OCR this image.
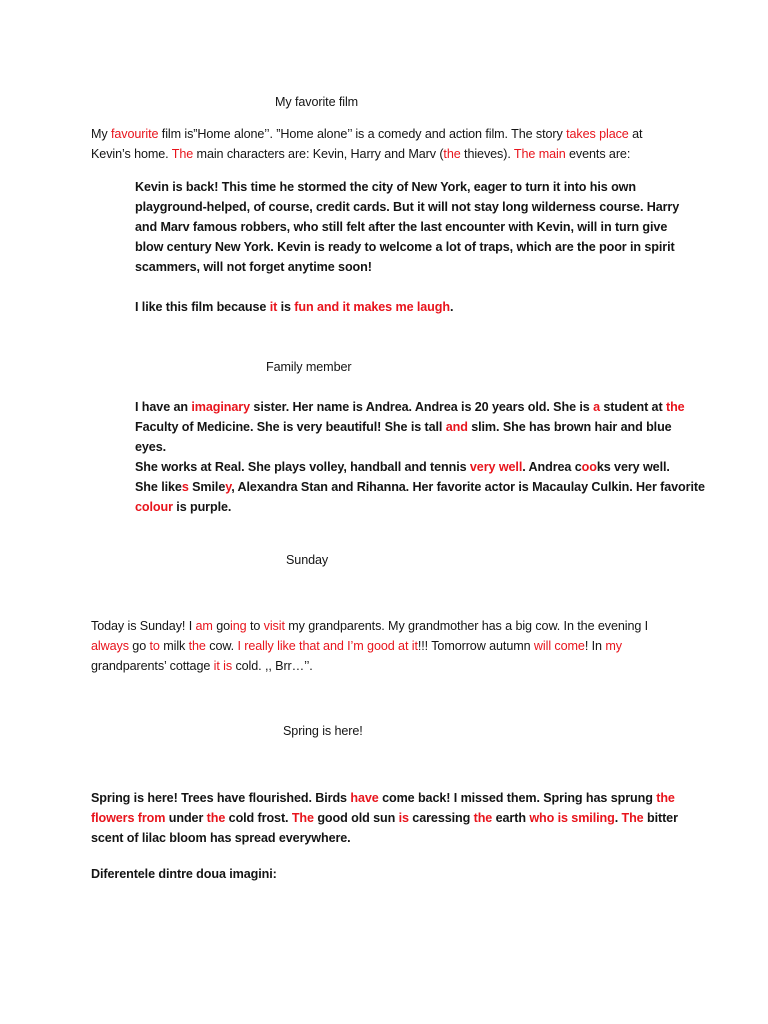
My favorite film
My favourite film is”Home alone’’. ”Home alone’’ is a comedy and action film. The story takes place at
Kevin’s home. The main characters are: Kevin, Harry and Marv (the thieves). The main events are:
Kevin is back! This time he stormed the city of New York, eager to turn it into his own
playground-helped, of course, credit cards. But it will not stay long wilderness course. Harry
and Marv famous robbers, who still felt after the last encounter with Kevin, will in turn give
blow century New York. Kevin is ready to welcome a lot of traps, which are the poor in spirit
scammers, will not forget anytime soon!
I like this film because it is fun and it makes me laugh.
Family member
I have an imaginary sister. Her name is Andrea. Andrea is 20 years old. She is a student at the
Faculty of Medicine. She is very beautiful! She is tall and slim. She has brown hair and blue
eyes.
She works at Real. She plays volley, handball and tennis very well. Andrea cooks very well.
She likes Smiley, Alexandra Stan and Rihanna. Her favorite actor is Macaulay Culkin. Her favorite
colour is purple.
Sunday
Today is Sunday! I am going to visit my grandparents. My grandmother has a big cow. In the evening I
always go to milk the cow. I really like that and I’m good at it!!! Tomorrow autumn will come! In my
grandparents’ cottage it is cold. ,, Brr…’’.
Spring is here!
Spring is here! Trees have flourished. Birds have come back! I missed them. Spring has sprung the
flowers from under the cold frost. The good old sun is caressing the earth who is smiling. The bitter
scent of lilac bloom has spread everywhere.
Diferentele dintre doua imagini:
